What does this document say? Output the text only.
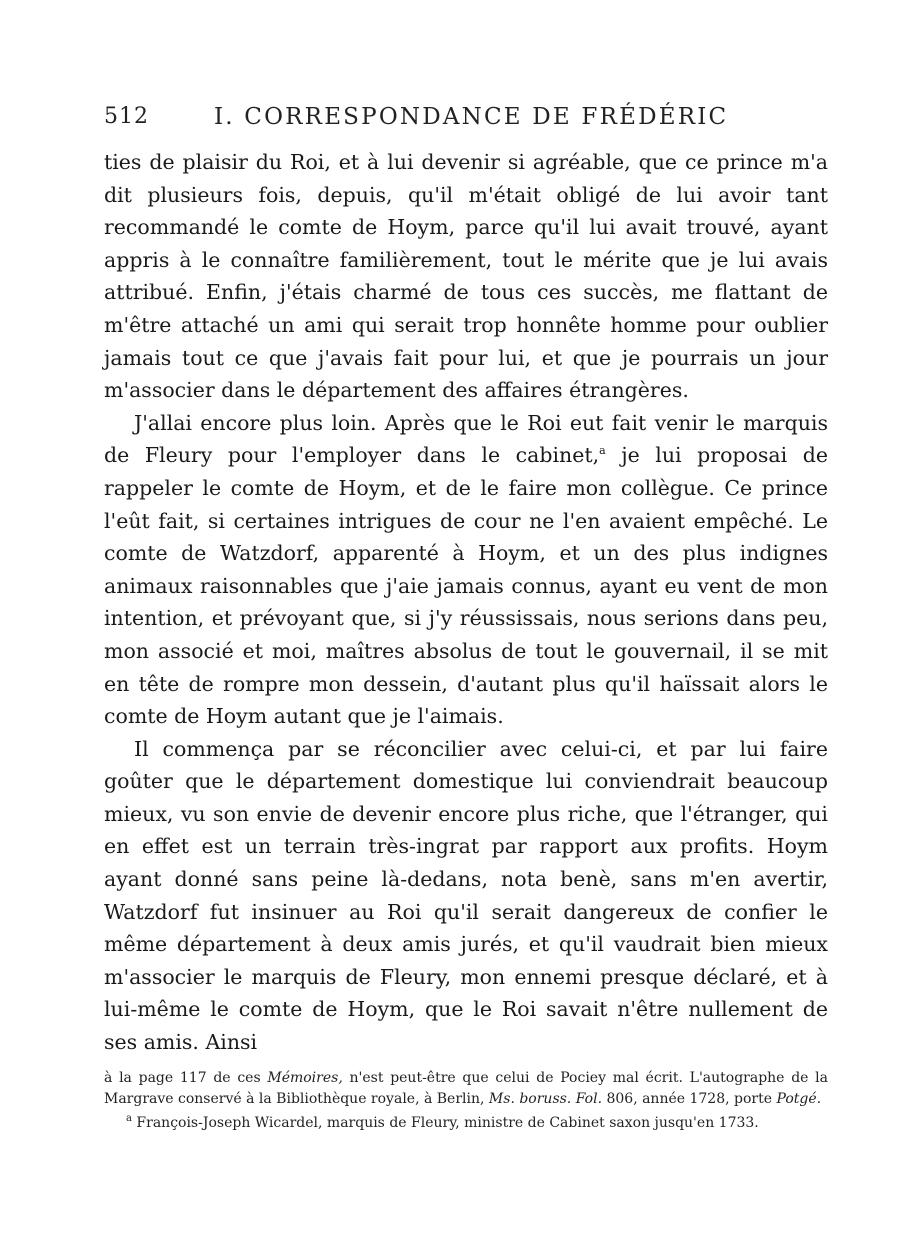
512	I. CORRESPONDANCE DE FRÉDÉRIC

ties de plaisir du Roi, et à lui devenir si agréable, que ce prince m'a dit plusieurs fois, depuis, qu'il m'était obligé de lui avoir tant recommandé le comte de Hoym, parce qu'il lui avait trouvé, ayant appris à le connaître familièrement, tout le mérite que je lui avais attribué. Enfin, j'étais charmé de tous ces succès, me flattant de m'être attaché un ami qui serait trop honnête homme pour oublier jamais tout ce que j'avais fait pour lui, et que je pourrais un jour m'associer dans le département des affaires étrangères.

J'allai encore plus loin. Après que le Roi eut fait venir le marquis de Fleury pour l'employer dans le cabinet,$^a$ je lui proposai de rappeler le comte de Hoym, et de le faire mon collègue. Ce prince l'eût fait, si certaines intrigues de cour ne l'en avaient empêché. Le comte de Watzdorf, apparenté à Hoym, et un des plus indignes animaux raisonnables que j'aie jamais connus, ayant eu vent de mon intention, et prévoyant que, si j'y réussissais, nous serions dans peu, mon associé et moi, maîtres absolus de tout le gouvernail, il se mit en tête de rompre mon dessein, d'autant plus qu'il haïssait alors le comte de Hoym autant que je l'aimais.

Il commença par se réconcilier avec celui-ci, et par lui faire goûter que le département domestique lui conviendrait beaucoup mieux, vu son envie de devenir encore plus riche, que l'étranger, qui en effet est un terrain très-ingrat par rapport aux profits. Hoym ayant donné sans peine là-dedans, nota benè, sans m'en avertir, Watzdorf fut insinuer au Roi qu'il serait dangereux de confier le même département à deux amis jurés, et qu'il vaudrait bien mieux m'associer le marquis de Fleury, mon ennemi presque déclaré, et à lui-même le comte de Hoym, que le Roi savait n'être nullement de ses amis. Ainsi

à la page 117 de ces Mémoires, n'est peut-être que celui de Pociey mal écrit. L'autographe de la Margrave conservé à la Bibliothèque royale, à Berlin, Ms. boruss. Fol. 806, année 1728, porte Potgé.

$^a$ François-Joseph Wicardel, marquis de Fleury, ministre de Cabinet saxon jusqu'en 1733.
